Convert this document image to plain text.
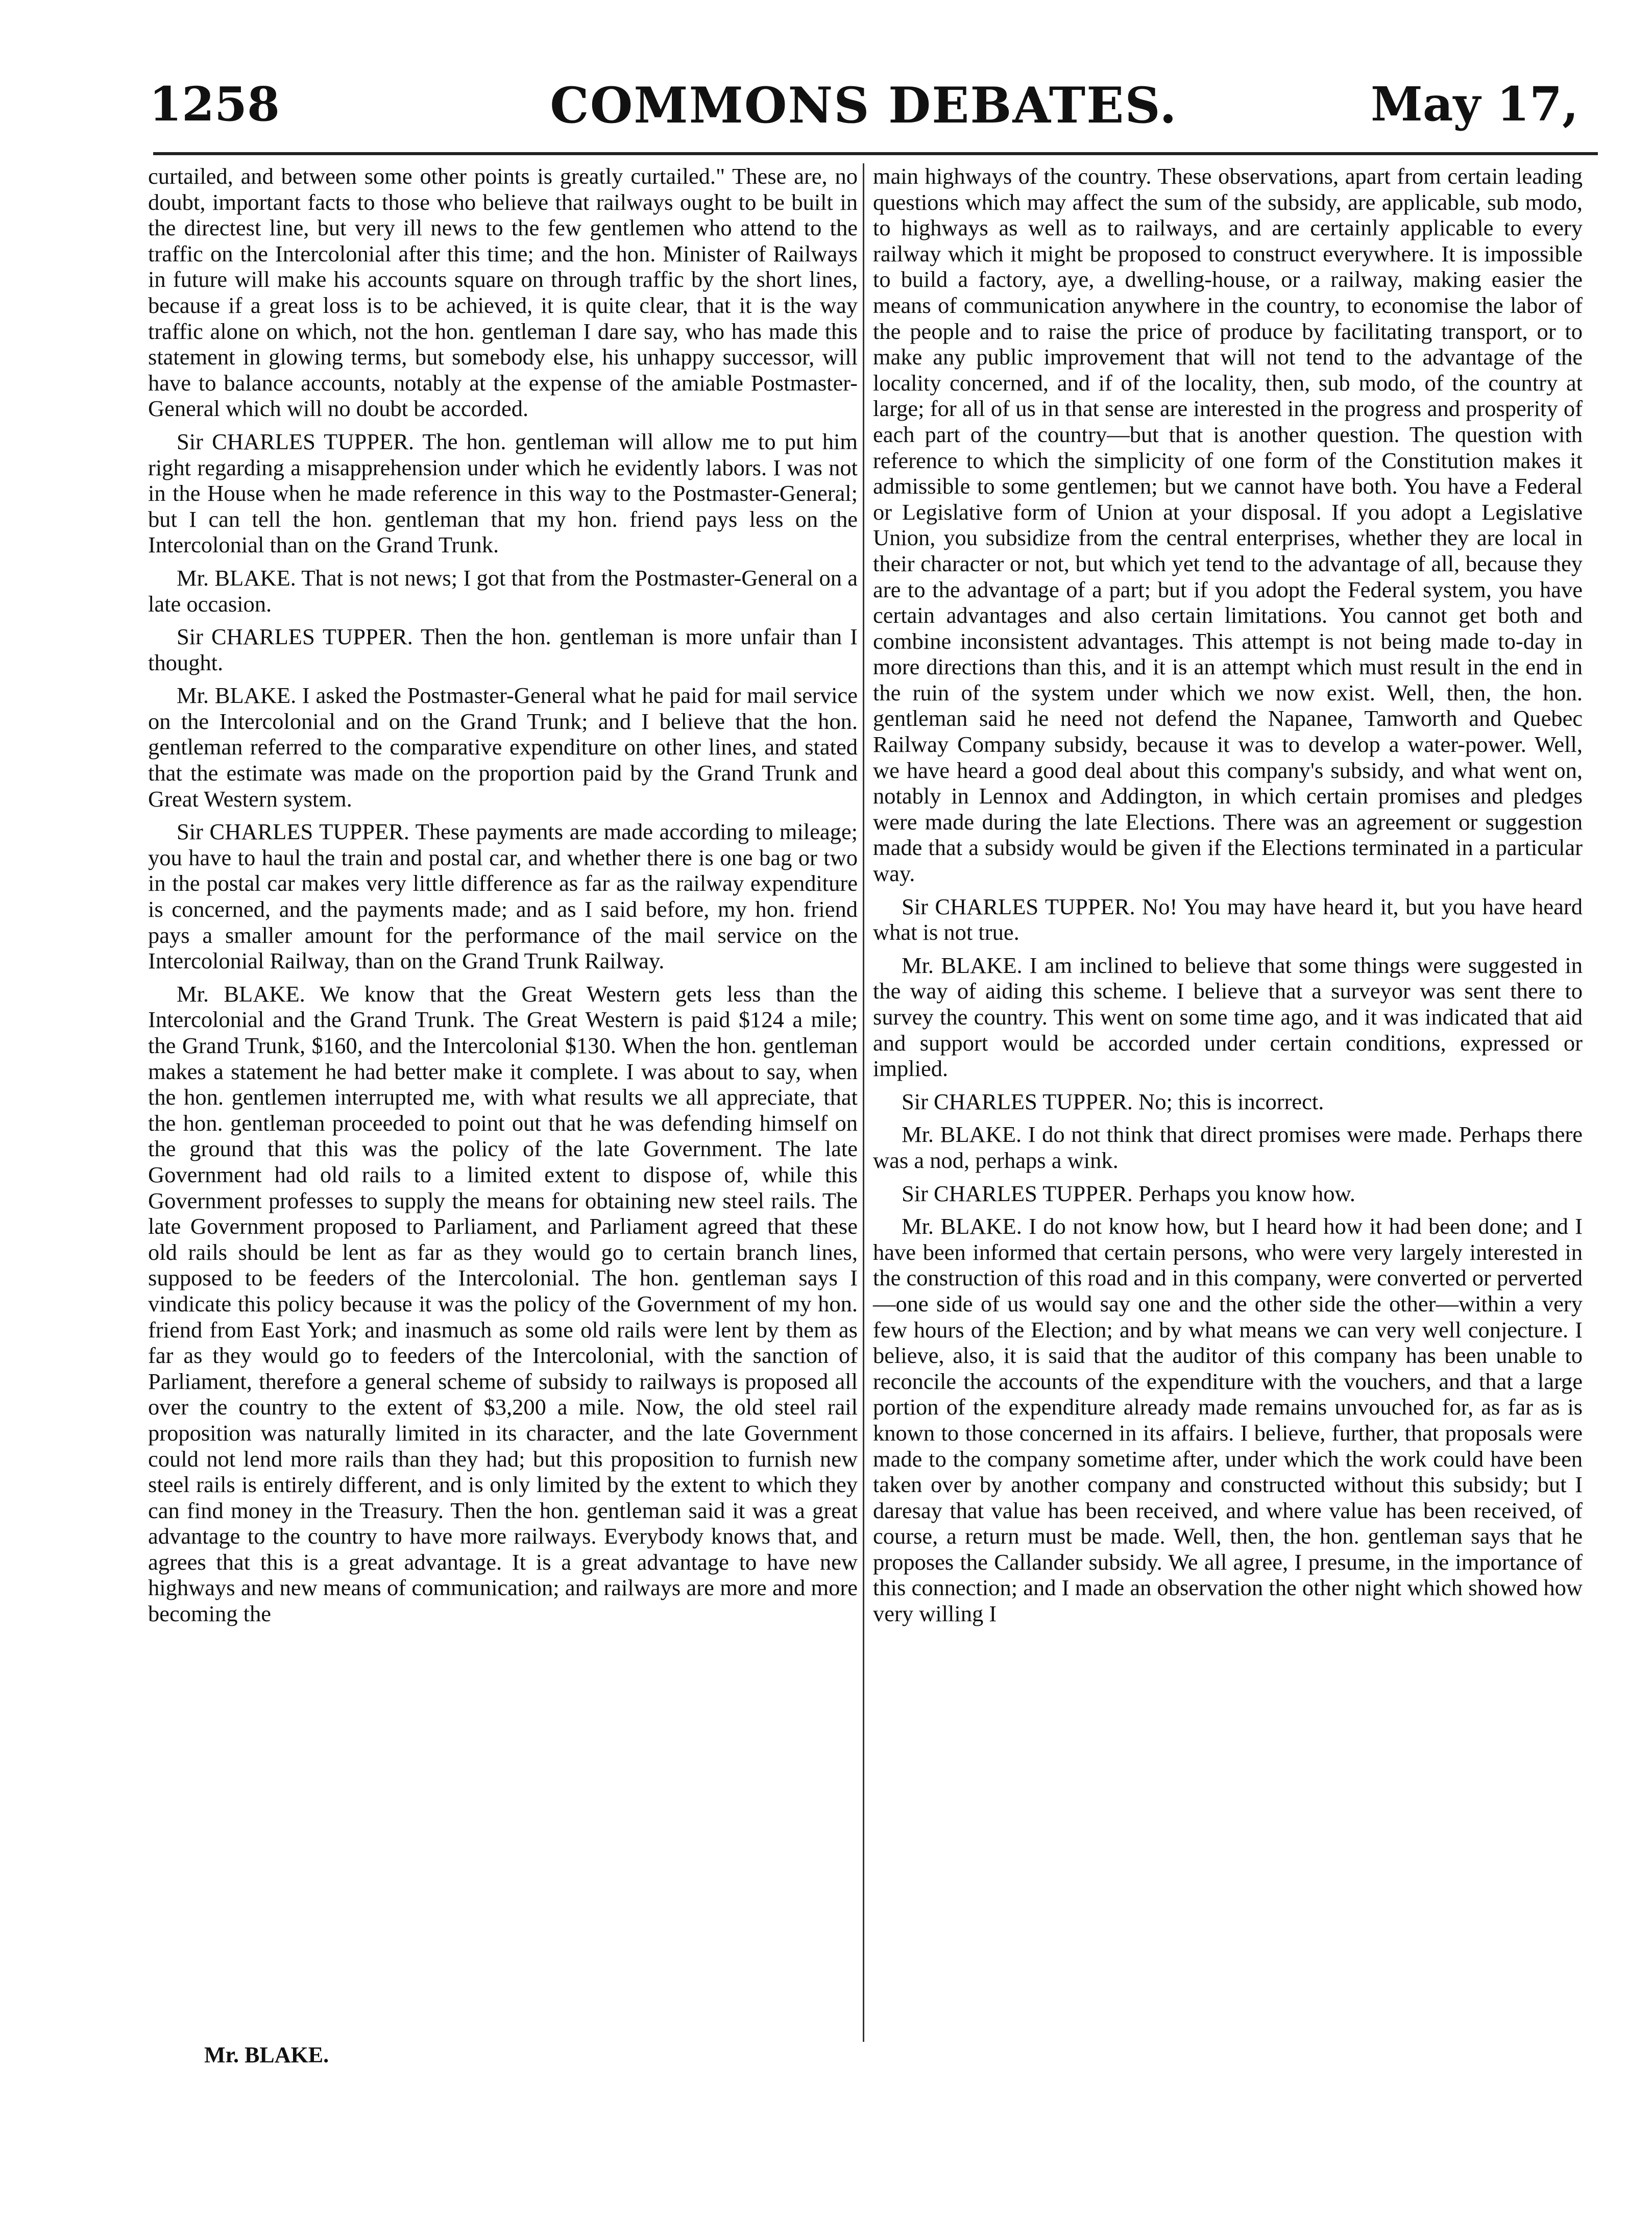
1258	COMMONS DEBATES.	May 17,

curtailed, and between some other points is greatly curtailed." These are, no doubt, important facts to those who believe that railways ought to be built in the directest line, but very ill news to the few gentlemen who attend to the traffic on the Intercolonial after this time; and the hon. Minister of Railways in future will make his accounts square on through traffic by the short lines, because if a great loss is to be achieved, it is quite clear, that it is the way traffic alone on which, not the hon. gentleman I dare say, who has made this statement in glowing terms, but somebody else, his unhappy successor, will have to balance accounts, notably at the expense of the amiable Postmaster-General which will no doubt be accorded.

Sir CHARLES TUPPER. The hon. gentleman will allow me to put him right regarding a misapprehension under which he evidently labors. I was not in the House when he made reference in this way to the Postmaster-General; but I can tell the hon. gentleman that my hon. friend pays less on the Intercolonial than on the Grand Trunk.

Mr. BLAKE. That is not news; I got that from the Postmaster-General on a late occasion.

Sir CHARLES TUPPER. Then the hon. gentleman is more unfair than I thought.

Mr. BLAKE. I asked the Postmaster-General what he paid for mail service on the Intercolonial and on the Grand Trunk; and I believe that the hon. gentleman referred to the comparative expenditure on other lines, and stated that the estimate was made on the proportion paid by the Grand Trunk and Great Western system.

Sir CHARLES TUPPER. These payments are made according to mileage; you have to haul the train and postal car, and whether there is one bag or two in the postal car makes very little difference as far as the railway expenditure is concerned, and the payments made; and as I said before, my hon. friend pays a smaller amount for the performance of the mail service on the Intercolonial Railway, than on the Grand Trunk Railway.

Mr. BLAKE. We know that the Great Western gets less than the Intercolonial and the Grand Trunk. The Great Western is paid $124 a mile; the Grand Trunk, $160, and the Intercolonial $130. When the hon. gentleman makes a statement he had better make it complete. I was about to say, when the hon. gentlemen interrupted me, with what results we all appreciate, that the hon. gentleman proceeded to point out that he was defending himself on the ground that this was the policy of the late Government. The late Government had old rails to a limited extent to dispose of, while this Government professes to supply the means for obtaining new steel rails. The late Government proposed to Parliament, and Parliament agreed that these old rails should be lent as far as they would go to certain branch lines, supposed to be feeders of the Intercolonial. The hon. gentleman says I vindicate this policy because it was the policy of the Government of my hon. friend from East York; and inasmuch as some old rails were lent by them as far as they would go to feeders of the Intercolonial, with the sanction of Parliament, therefore a general scheme of subsidy to railways is proposed all over the country to the extent of $3,200 a mile. Now, the old steel rail proposition was naturally limited in its character, and the late Government could not lend more rails than they had; but this proposition to furnish new steel rails is entirely different, and is only limited by the extent to which they can find money in the Treasury. Then the hon. gentleman said it was a great advantage to the country to have more railways. Everybody knows that, and agrees that this is a great advantage. It is a great advantage to have new highways and new means of communication; and railways are more and more becoming the

main highways of the country. These observations, apart from certain leading questions which may affect the sum of the subsidy, are applicable, sub modo, to highways as well as to railways, and are certainly applicable to every railway which it might be proposed to construct everywhere. It is impossible to build a factory, aye, a dwelling-house, or a railway, making easier the means of communication anywhere in the country, to economise the labor of the people and to raise the price of produce by facilitating transport, or to make any public improvement that will not tend to the advantage of the locality concerned, and if of the locality, then, sub modo, of the country at large; for all of us in that sense are interested in the progress and prosperity of each part of the country—but that is another question. The question with reference to which the simplicity of one form of the Constitution makes it admissible to some gentlemen; but we cannot have both. You have a Federal or Legislative form of Union at your disposal. If you adopt a Legislative Union, you subsidize from the central enterprises, whether they are local in their character or not, but which yet tend to the advantage of all, because they are to the advantage of a part; but if you adopt the Federal system, you have certain advantages and also certain limitations. You cannot get both and combine inconsistent advantages. This attempt is not being made to-day in more directions than this, and it is an attempt which must result in the end in the ruin of the system under which we now exist. Well, then, the hon. gentleman said he need not defend the Napanee, Tamworth and Quebec Railway Company subsidy, because it was to develop a water-power. Well, we have heard a good deal about this company's subsidy, and what went on, notably in Lennox and Addington, in which certain promises and pledges were made during the late Elections. There was an agreement or suggestion made that a subsidy would be given if the Elections terminated in a particular way.

Sir CHARLES TUPPER. No! You may have heard it, but you have heard what is not true.

Mr. BLAKE. I am inclined to believe that some things were suggested in the way of aiding this scheme. I believe that a surveyor was sent there to survey the country. This went on some time ago, and it was indicated that aid and support would be accorded under certain conditions, expressed or implied.

Sir CHARLES TUPPER. No; this is incorrect.

Mr. BLAKE. I do not think that direct promises were made. Perhaps there was a nod, perhaps a wink.

Sir CHARLES TUPPER. Perhaps you know how.

Mr. BLAKE. I do not know how, but I heard how it had been done; and I have been informed that certain persons, who were very largely interested in the construction of this road and in this company, were converted or perverted—one side of us would say one and the other side the other—within a very few hours of the Election; and by what means we can very well conjecture. I believe, also, it is said that the auditor of this company has been unable to reconcile the accounts of the expenditure with the vouchers, and that a large portion of the expenditure already made remains unvouched for, as far as is known to those concerned in its affairs. I believe, further, that proposals were made to the company sometime after, under which the work could have been taken over by another company and constructed without this subsidy; but I daresay that value has been received, and where value has been received, of course, a return must be made. Well, then, the hon. gentleman says that he proposes the Callander subsidy. We all agree, I presume, in the importance of this connection; and I made an observation the other night which showed how very willing I

Mr. BLAKE.
